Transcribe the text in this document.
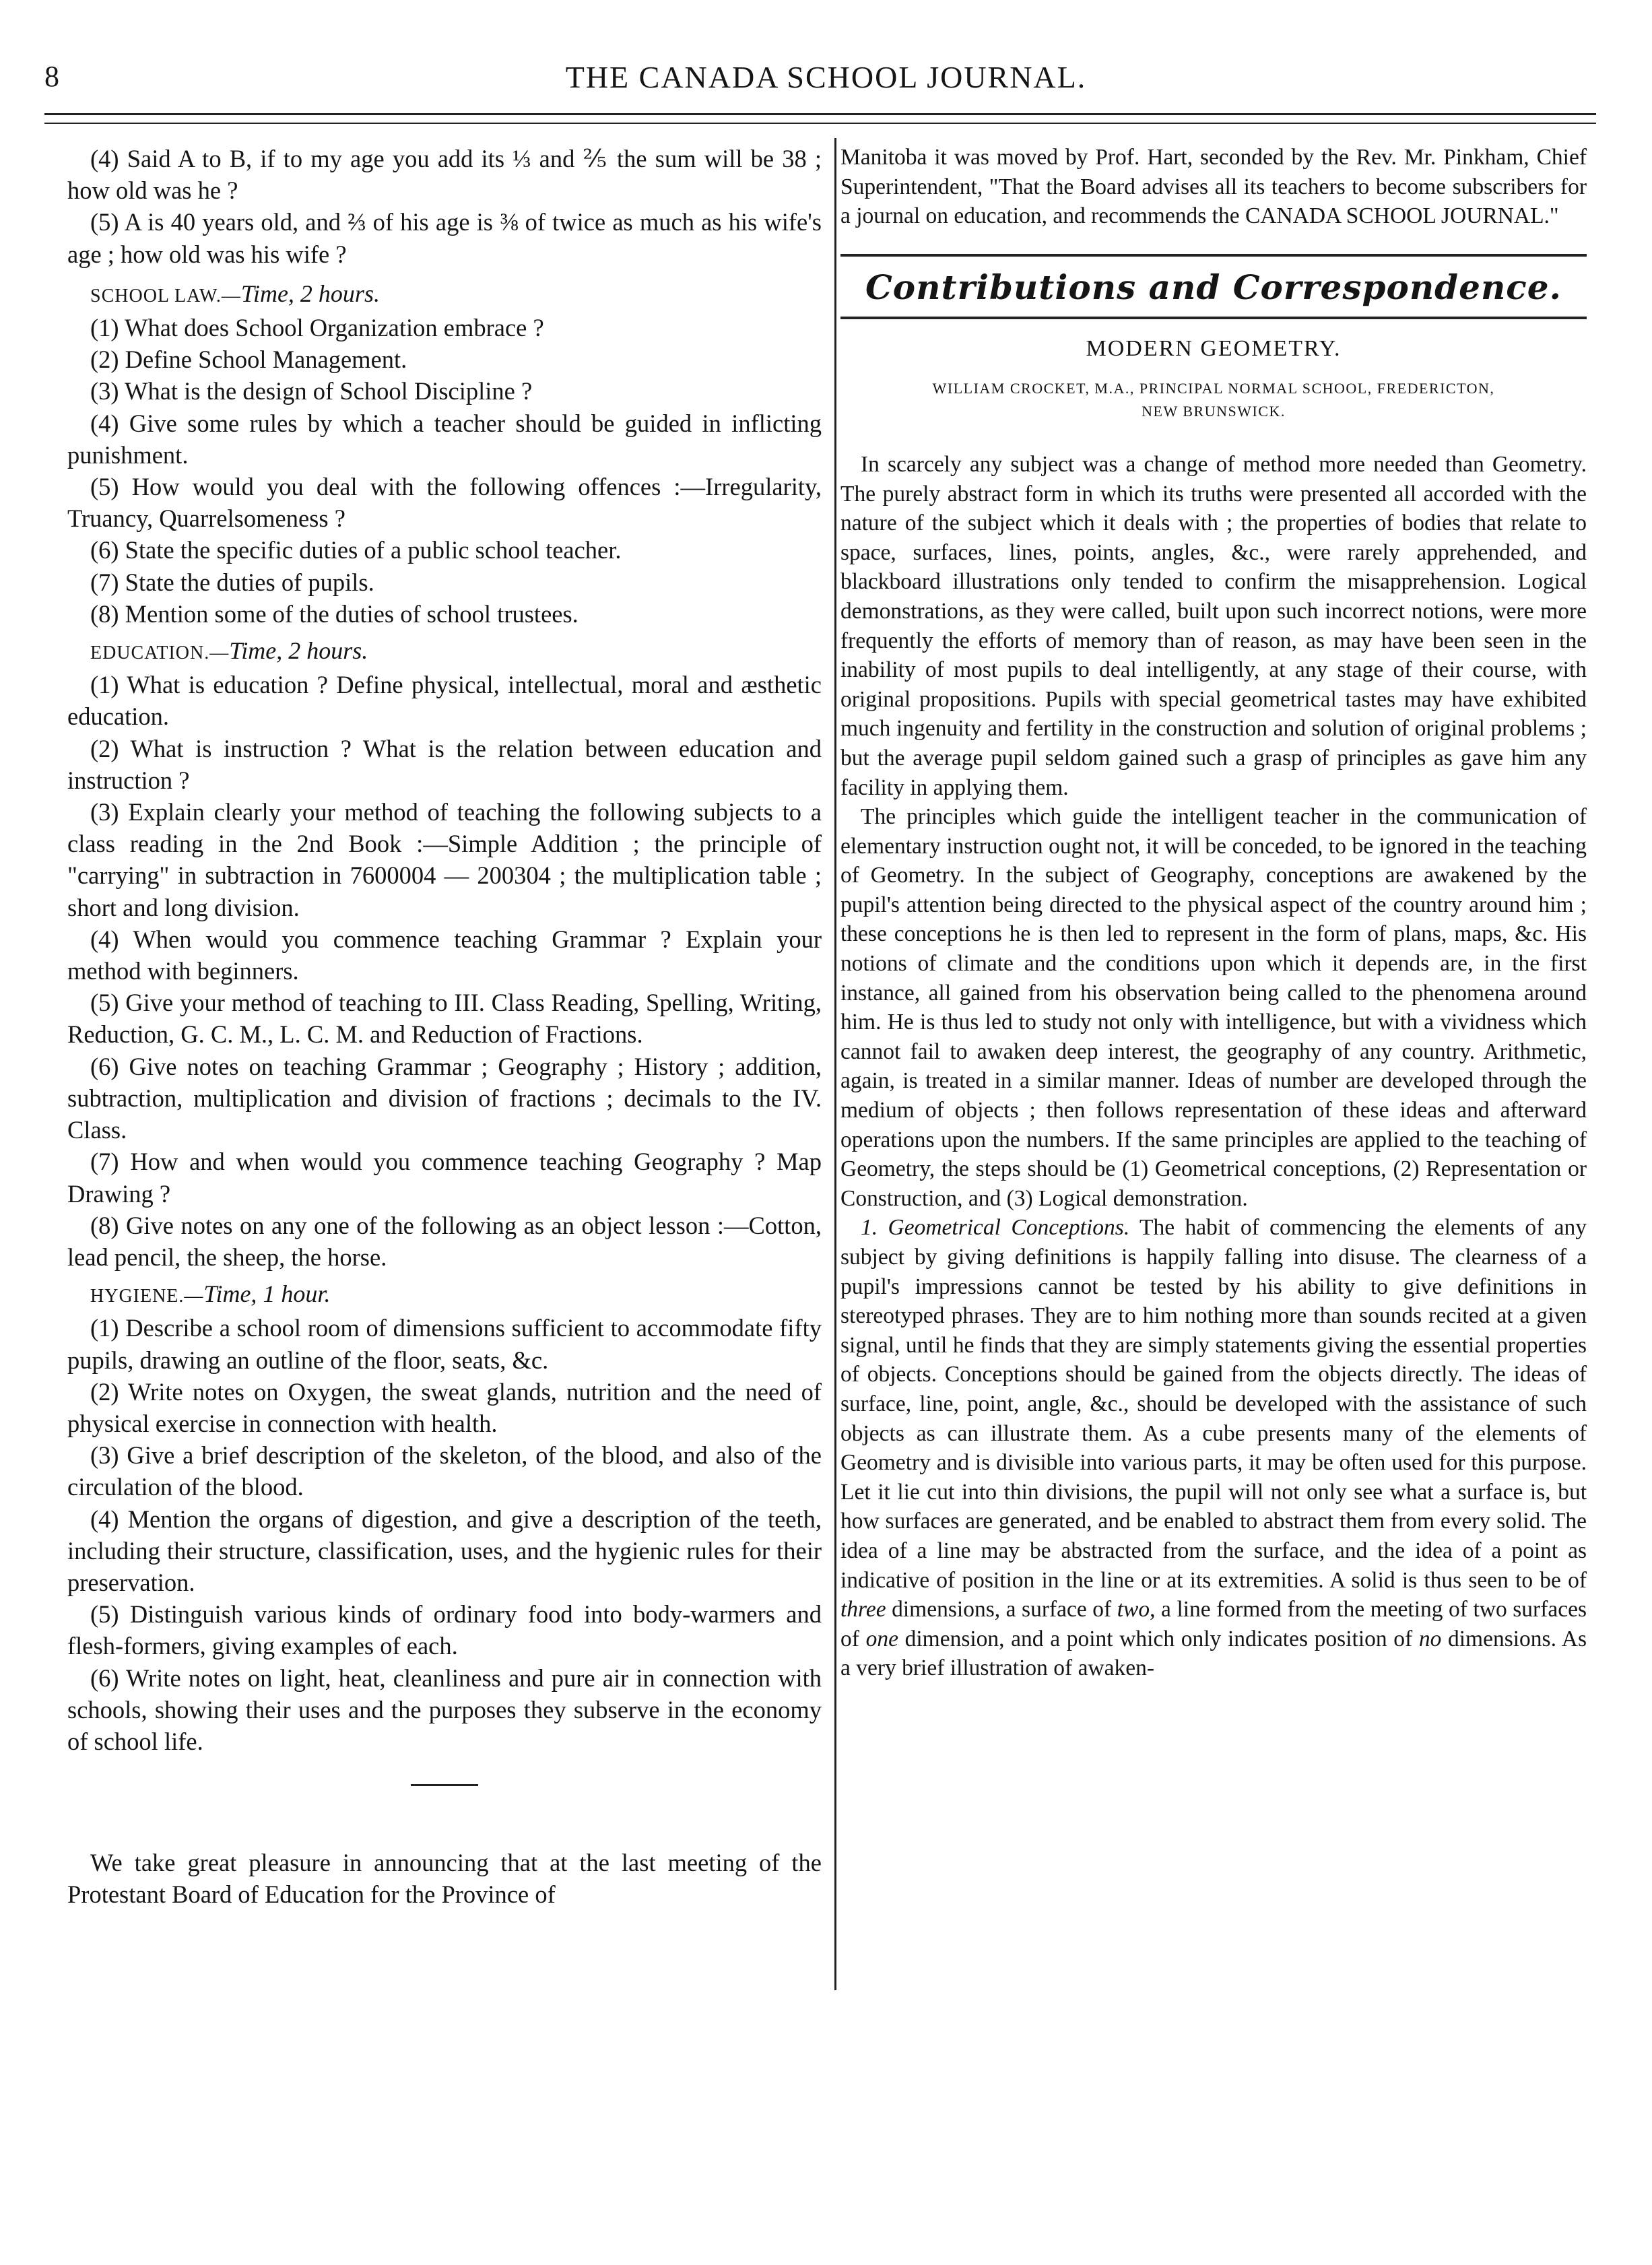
8	THE CANADA SCHOOL JOURNAL.

(4) Said A to B, if to my age you add its ⅓ and ⅖ the sum will be 38 ; how old was he ?

(5) A is 40 years old, and ⅔ of his age is ⅜ of twice as much as his wife's age ; how old was his wife ?

SCHOOL LAW.—Time, 2 hours.

(1) What does School Organization embrace ?

(2) Define School Management.

(3) What is the design of School Discipline ?

(4) Give some rules by which a teacher should be guided in inflicting punishment.

(5) How would you deal with the following offences :—Irregularity, Truancy, Quarrelsomeness ?

(6) State the specific duties of a public school teacher.

(7) State the duties of pupils.

(8) Mention some of the duties of school trustees.

EDUCATION.—Time, 2 hours.

(1) What is education ? Define physical, intellectual, moral and æsthetic education.

(2) What is instruction ? What is the relation between education and instruction ?

(3) Explain clearly your method of teaching the following subjects to a class reading in the 2nd Book :—Simple Addition ; the principle of "carrying" in subtraction in 7600004 — 200304 ; the multiplication table ; short and long division.

(4) When would you commence teaching Grammar ? Explain your method with beginners.

(5) Give your method of teaching to III. Class Reading, Spelling, Writing, Reduction, G. C. M., L. C. M. and Reduction of Fractions.

(6) Give notes on teaching Grammar ; Geography ; History ; addition, subtraction, multiplication and division of fractions ; decimals to the IV. Class.

(7) How and when would you commence teaching Geography ? Map Drawing ?

(8) Give notes on any one of the following as an object lesson :—Cotton, lead pencil, the sheep, the horse.

HYGIENE.—Time, 1 hour.

(1) Describe a school room of dimensions sufficient to accommodate fifty pupils, drawing an outline of the floor, seats, &c.

(2) Write notes on Oxygen, the sweat glands, nutrition and the need of physical exercise in connection with health.

(3) Give a brief description of the skeleton, of the blood, and also of the circulation of the blood.

(4) Mention the organs of digestion, and give a description of the teeth, including their structure, classification, uses, and the hygienic rules for their preservation.

(5) Distinguish various kinds of ordinary food into body-warmers and flesh-formers, giving examples of each.

(6) Write notes on light, heat, cleanliness and pure air in connection with schools, showing their uses and the purposes they subserve in the economy of school life.

We take great pleasure in announcing that at the last meeting of the Protestant Board of Education for the Province of

Manitoba it was moved by Prof. Hart, seconded by the Rev. Mr. Pinkham, Chief Superintendent, "That the Board advises all its teachers to become subscribers for a journal on education, and recommends the CANADA SCHOOL JOURNAL."

Contributions and Correspondence.
MODERN GEOMETRY.
WILLIAM CROCKET, M.A., PRINCIPAL NORMAL SCHOOL, FREDERICTON,
NEW BRUNSWICK.

In scarcely any subject was a change of method more needed than Geometry. The purely abstract form in which its truths were presented all accorded with the nature of the subject which it deals with ; the properties of bodies that relate to space, surfaces, lines, points, angles, &c., were rarely apprehended, and blackboard illustrations only tended to confirm the misapprehension. Logical demonstrations, as they were called, built upon such incorrect notions, were more frequently the efforts of memory than of reason, as may have been seen in the inability of most pupils to deal intelligently, at any stage of their course, with original propositions. Pupils with special geometrical tastes may have exhibited much ingenuity and fertility in the construction and solution of original problems ; but the average pupil seldom gained such a grasp of principles as gave him any facility in applying them.

The principles which guide the intelligent teacher in the communication of elementary instruction ought not, it will be conceded, to be ignored in the teaching of Geometry. In the subject of Geography, conceptions are awakened by the pupil's attention being directed to the physical aspect of the country around him ; these conceptions he is then led to represent in the form of plans, maps, &c. His notions of climate and the conditions upon which it depends are, in the first instance, all gained from his observation being called to the phenomena around him. He is thus led to study not only with intelligence, but with a vividness which cannot fail to awaken deep interest, the geography of any country. Arithmetic, again, is treated in a similar manner. Ideas of number are developed through the medium of objects ; then follows representation of these ideas and afterward operations upon the numbers. If the same principles are applied to the teaching of Geometry, the steps should be (1) Geometrical conceptions, (2) Representation or Construction, and (3) Logical demonstration.

1. Geometrical Conceptions. The habit of commencing the elements of any subject by giving definitions is happily falling into disuse. The clearness of a pupil's impressions cannot be tested by his ability to give definitions in stereotyped phrases. They are to him nothing more than sounds recited at a given signal, until he finds that they are simply statements giving the essential properties of objects. Conceptions should be gained from the objects directly. The ideas of surface, line, point, angle, &c., should be developed with the assistance of such objects as can illustrate them. As a cube presents many of the elements of Geometry and is divisible into various parts, it may be often used for this purpose. Let it lie cut into thin divisions, the pupil will not only see what a surface is, but how surfaces are generated, and be enabled to abstract them from every solid. The idea of a line may be abstracted from the surface, and the idea of a point as indicative of position in the line or at its extremities. A solid is thus seen to be of three dimensions, a surface of two, a line formed from the meeting of two surfaces of one dimension, and a point which only indicates position of no dimensions. As a very brief illustration of awaken-
